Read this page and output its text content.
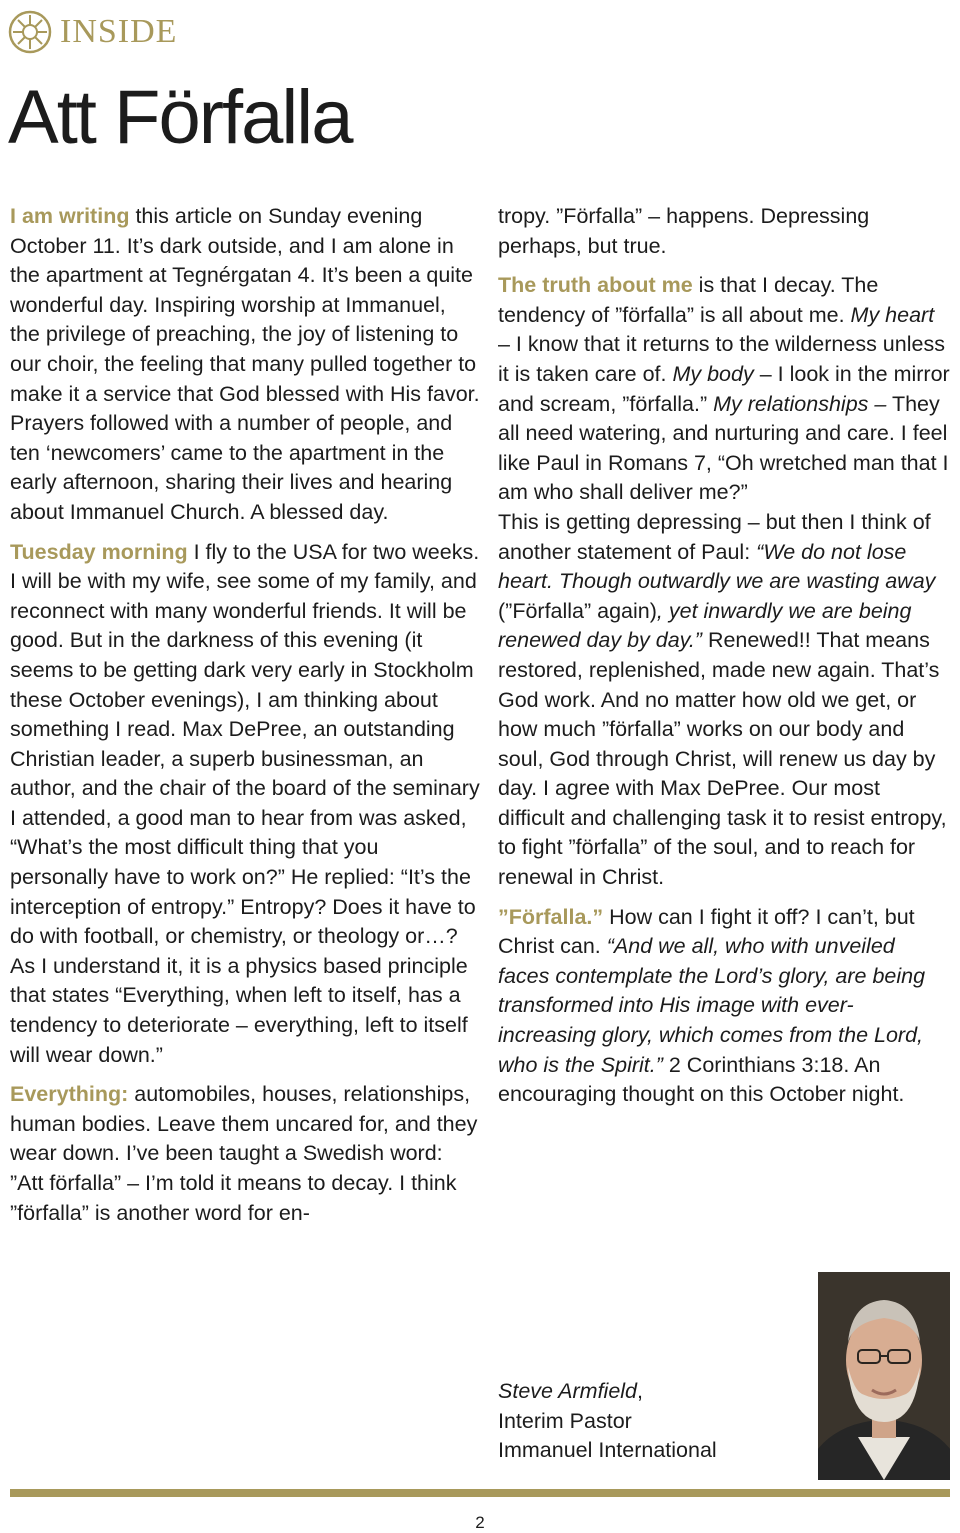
INSIDE
Att Förfalla

I am writing this article on Sunday evening October 11. It’s dark outside, and I am alone in the apartment at Tegnérgatan 4. It’s been a quite wonderful day. Inspiring worship at Immanuel, the privilege of preaching, the joy of listening to our choir, the feeling that many pulled together to make it a service that God blessed with His favor. Prayers followed with a number of people, and ten ‘newcomers’ came to the apartment in the early afternoon, sharing their lives and hearing about Immanuel Church. A blessed day.

Tuesday morning I fly to the USA for two weeks. I will be with my wife, see some of my family, and reconnect with many wonderful friends. It will be good. But in the darkness of this evening (it seems to be getting dark very early in Stockholm these October evenings), I am thinking about something I read. Max DePree, an outstanding Christian leader, a superb businessman, an author, and the chair of the board of the seminary I attended, a good man to hear from was asked, “What’s the most difficult thing that you personally have to work on?” He replied: “It’s the interception of entropy.” Entropy? Does it have to do with football, or chemistry, or theology or…? As I understand it, it is a physics based principle that states “Everything, when left to itself, has a tendency to deteriorate – everything, left to itself will wear down.”

Everything: automobiles, houses, relationships, human bodies. Leave them uncared for, and they wear down. I’ve been taught a Swedish word: ”Att förfalla” – I’m told it means to decay. I think ”förfalla” is another word for en-

tropy. ”Förfalla” – happens. Depressing perhaps, but true.

The truth about me is that I decay. The tendency of ”förfalla” is all about me. My heart – I know that it returns to the wilderness unless it is taken care of. My body – I look in the mirror and scream, ”förfalla.” My relationships – They all need watering, and nurturing and care. I feel like Paul in Romans 7, “Oh wretched man that I am who shall deliver me?”

This is getting depressing – but then I think of another statement of Paul: “We do not lose heart. Though outwardly we are wasting away (”Förfalla” again), yet inwardly we are being renewed day by day.” Renewed!! That means restored, replenished, made new again. That’s God work. And no matter how old we get, or how much ”förfalla” works on our body and soul, God through Christ, will renew us day by day. I agree with Max DePree. Our most difficult and challenging task it to resist entropy, to fight ”förfalla” of the soul, and to reach for renewal in Christ.

”Förfalla.” How can I fight it off? I can’t, but Christ can. “And we all, who with unveiled faces contemplate the Lord’s glory, are being transformed into His image with ever-increasing glory, which comes from the Lord, who is the Spirit.” 2 Corinthians 3:18. An encouraging thought on this October night.

Steve Armfield,
Interim Pastor
Immanuel International
2
